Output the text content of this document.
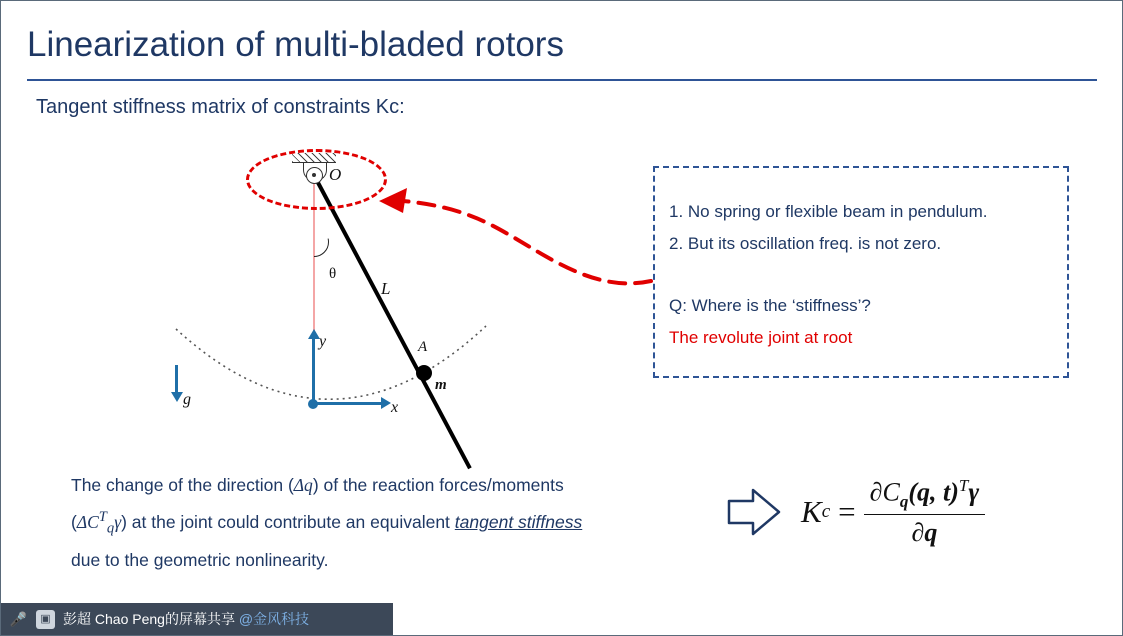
Linearization of multi-bladed rotors
Tangent stiffness matrix of constraints Kc:
θ
L
O
A
m
x
y
g
1. No spring or flexible beam in pendulum.
2. But its oscillation freq. is not zero.
Q: Where is the ‘stiffness’?
The revolute joint at root
The change of the direction (Δq) of the reaction forces/moments
$(\Delta C^T_q\gamma)$ at the joint could contribute an equivalent tangent stiffness
due to the geometric nonlinearity.
$Kc = \frac{\partial C_q(q, t)^T\gamma}{\partial q}$
🎤	▣ 彭超 Chao Peng的屏幕共享 @金风科技
